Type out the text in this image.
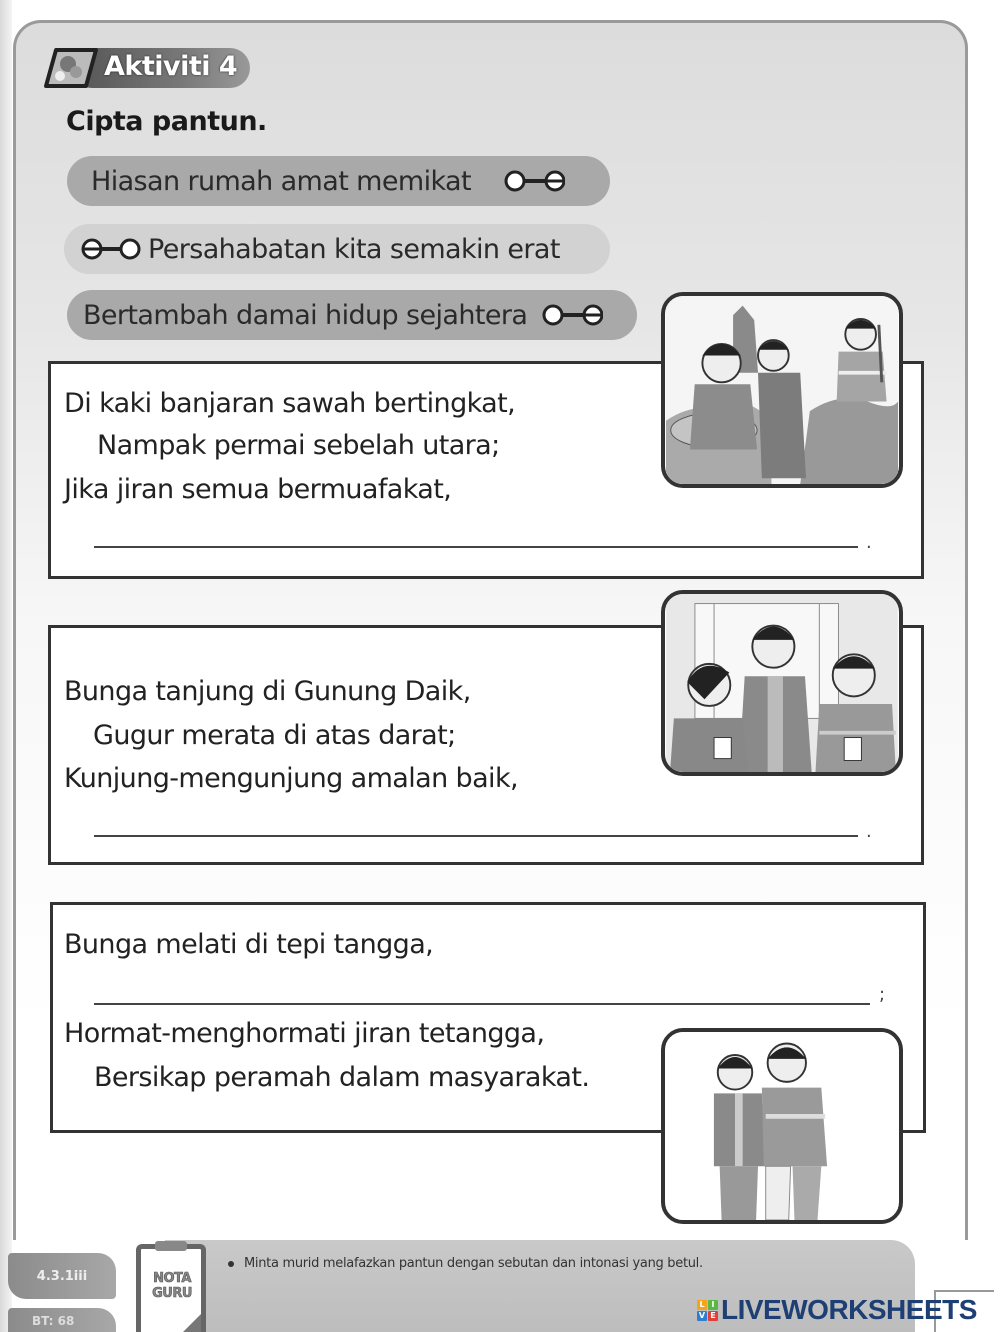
Aktiviti 4
Cipta pantun.
Hiasan rumah amat memikat
Persahabatan kita semakin erat
Bertambah damai hidup sejahtera
Di kaki banjaran sawah bertingkat,
Nampak permai sebelah utara;
Jika jiran semua bermuafakat,
.
Bunga tanjung di Gunung Daik,
Gugur merata di atas darat;
Kunjung-mengunjung amalan baik,
.
Bunga melati di tepi tangga,
;
Hormat-menghormati jiran tetangga,
Bersikap peramah dalam masyarakat.
4.3.1iii
BT: 68
NOTA
GURU
Minta murid melafazkan pantun dengan sebutan dan intonasi yang betul.
L I
V E LIVEWORKSHEETS
